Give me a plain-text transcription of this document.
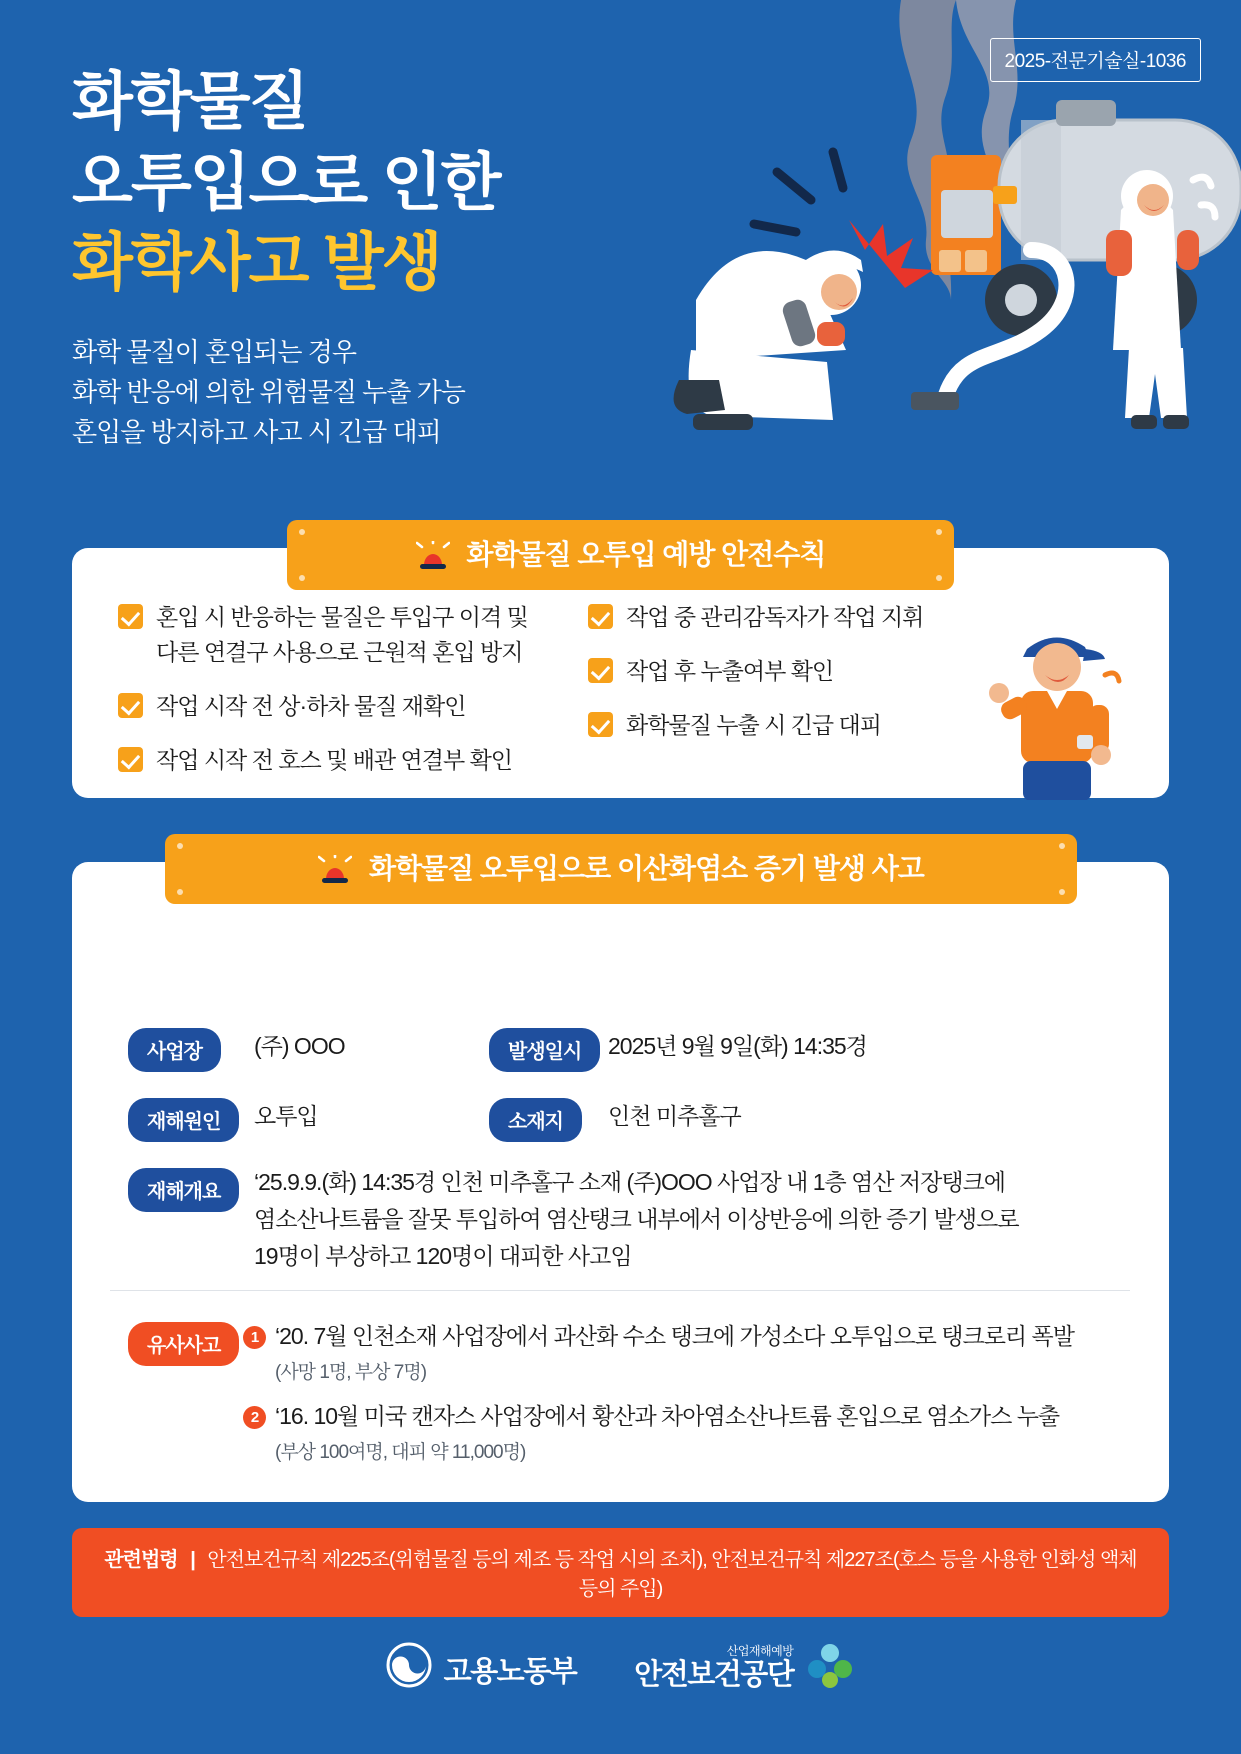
2025-전문기술실-1036
화학물질
오투입으로 인한
화학사고 발생
화학 물질이 혼입되는 경우
화학 반응에 의한 위험물질 누출 가능
혼입을 방지하고 사고 시 긴급 대피
화학물질 오투입 예방 안전수칙
혼입 시 반응하는 물질은 투입구 이격 및 다른 연결구 사용으로 근원적 혼입 방지
작업 시작 전 상·하차 물질 재확인
작업 시작 전 호스 및 배관 연결부 확인
작업 중 관리감독자가 작업 지휘
작업 후 누출여부 확인
화학물질 누출 시 긴급 대피
화학물질 오투입으로 이산화염소 증기 발생 사고
사업장	(주) OOO	발생일시	2025년 9월 9일(화) 14:35경
재해원인	오투입	소재지	인천 미추홀구
재해개요	‘25.9.9.(화) 14:35경 인천 미추홀구 소재 (주)OOO 사업장 내 1층 염산 저장탱크에
염소산나트륨을 잘못 투입하여 염산탱크 내부에서 이상반응에 의한 증기 발생으로
19명이 부상하고 120명이 대피한 사고임
유사사고	1 ‘20. 7월 인천소재 사업장에서 과산화 수소 탱크에 가성소다 오투입으로 탱크로리 폭발
(사망 1명, 부상 7명)
2 ‘16. 10월 미국 캔자스 사업장에서 황산과 차아염소산나트륨 혼입으로 염소가스 누출
(부상 100여명, 대피 약 11,000명)
관련법령 | 안전보건규칙 제225조(위험물질 등의 제조 등 작업 시의 조치), 안전보건규칙 제227조(호스 등을 사용한 인화성 액체 등의 주입)
고용노동부
산업재해예방
안전보건공단
